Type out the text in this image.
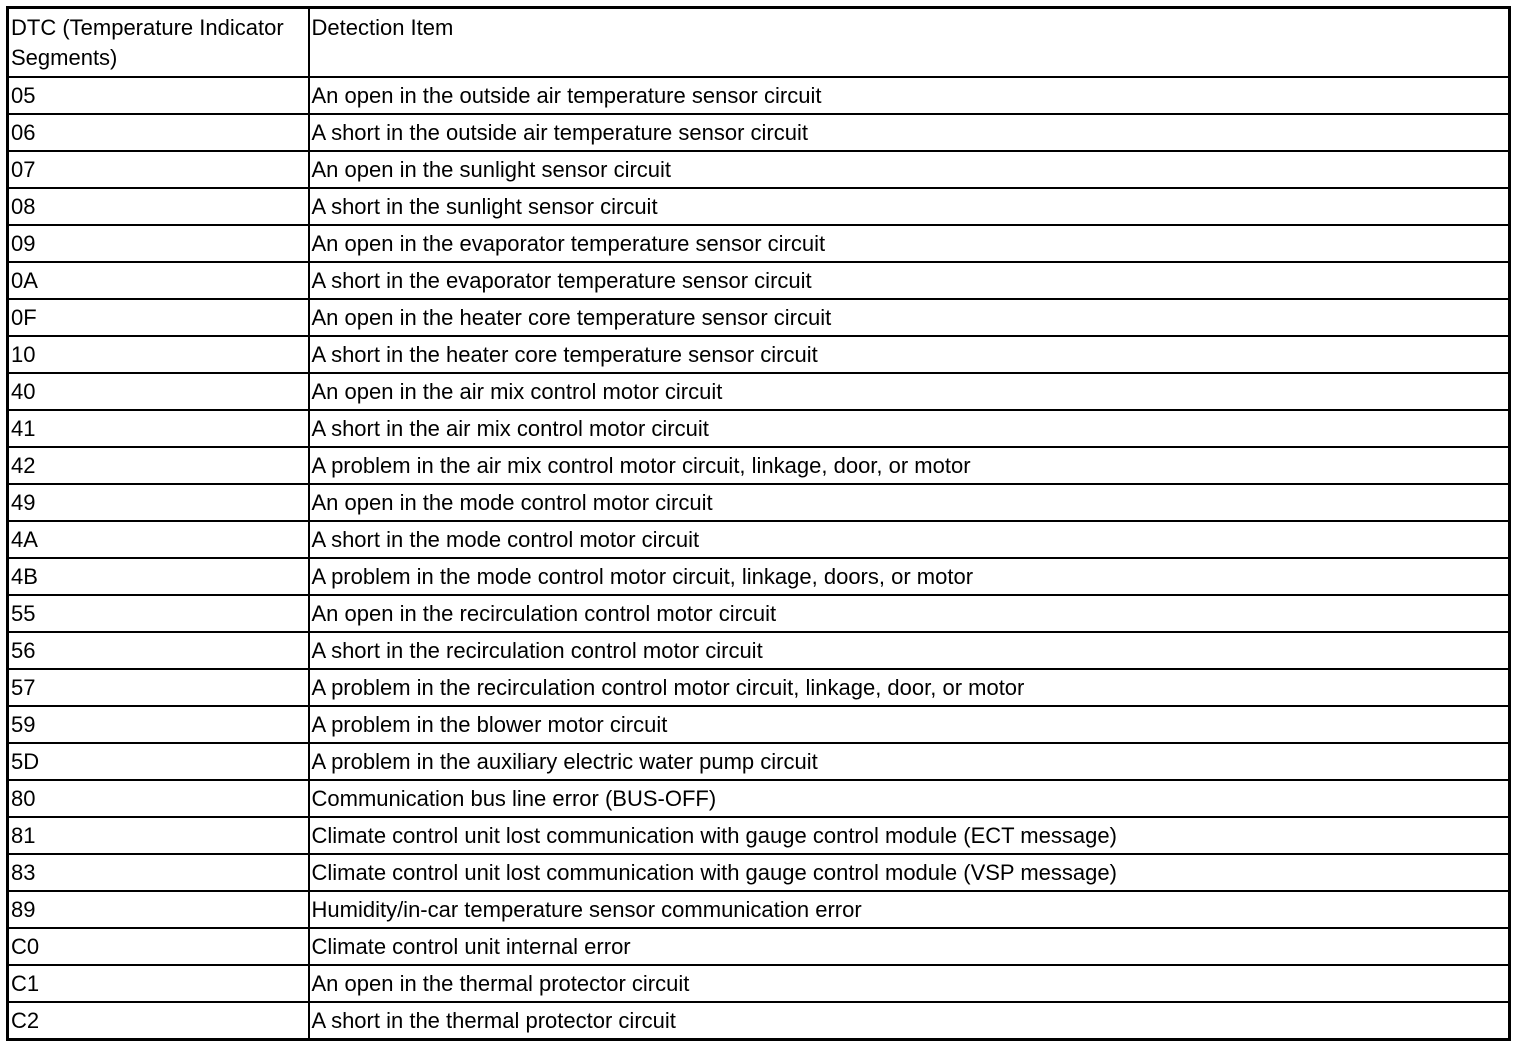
DTC (Temperature Indicator Segments)	Detection Item
05	An open in the outside air temperature sensor circuit
06	A short in the outside air temperature sensor circuit
07	An open in the sunlight sensor circuit
08	A short in the sunlight sensor circuit
09	An open in the evaporator temperature sensor circuit
0A	A short in the evaporator temperature sensor circuit
0F	An open in the heater core temperature sensor circuit
10	A short in the heater core temperature sensor circuit
40	An open in the air mix control motor circuit
41	A short in the air mix control motor circuit
42	A problem in the air mix control motor circuit, linkage, door, or motor
49	An open in the mode control motor circuit
4A	A short in the mode control motor circuit
4B	A problem in the mode control motor circuit, linkage, doors, or motor
55	An open in the recirculation control motor circuit
56	A short in the recirculation control motor circuit
57	A problem in the recirculation control motor circuit, linkage, door, or motor
59	A problem in the blower motor circuit
5D	A problem in the auxiliary electric water pump circuit
80	Communication bus line error (BUS-OFF)
81	Climate control unit lost communication with gauge control module (ECT message)
83	Climate control unit lost communication with gauge control module (VSP message)
89	Humidity/in-car temperature sensor communication error
C0	Climate control unit internal error
C1	An open in the thermal protector circuit
C2	A short in the thermal protector circuit
